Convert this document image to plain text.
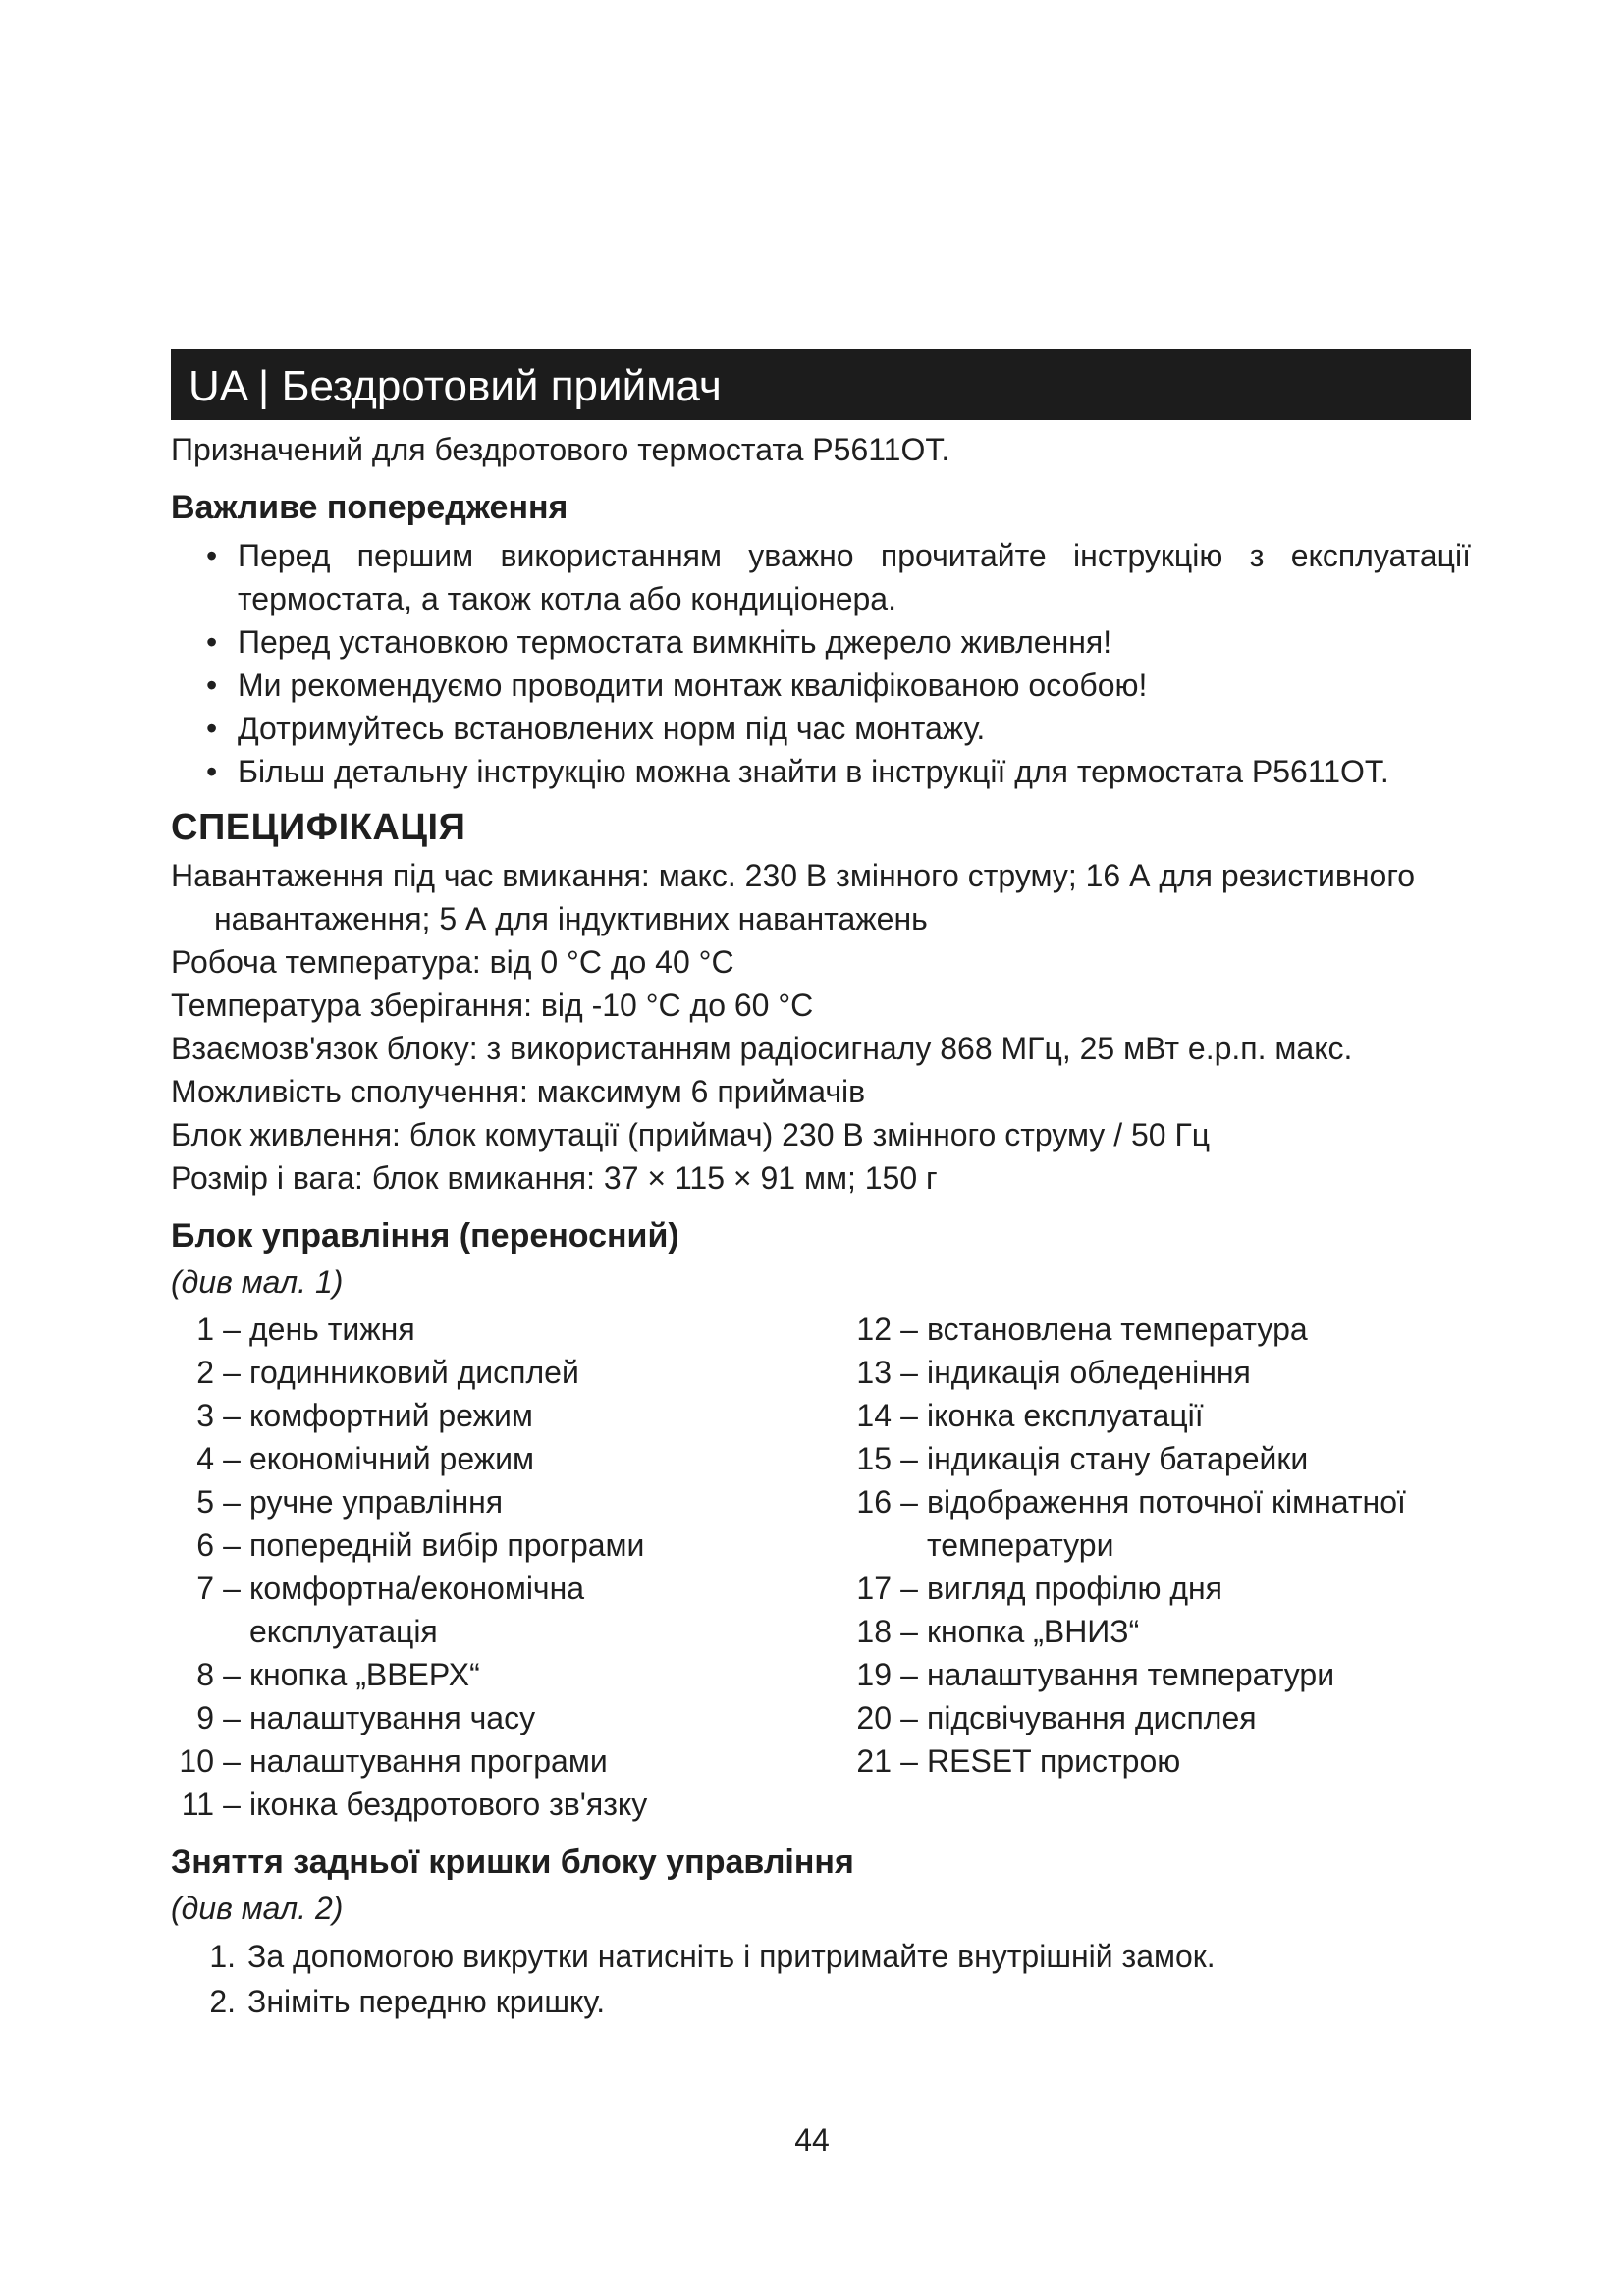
UA | Бездротовий приймач

Призначений для бездротового термостата P5611OT.

Важливе попередження
• Перед першим використанням уважно прочитайте інструкцію з експлуатації термостата, а також котла або кондиціонера.
• Перед установкою термостата вимкніть джерело живлення!
• Ми рекомендуємо проводити монтаж кваліфікованою особою!
• Дотримуйтесь встановлених норм під час монтажу.
• Більш детальну інструкцію можна знайти в інструкції для термостата P5611OT.
СПЕЦИФІКАЦІЯ

Навантаження під час вмикання: макс. 230 В змінного струму; 16 А для резистивного навантаження; 5 А для індуктивних навантажень

Робоча температура: від 0 °C до 40 °C

Температура зберігання: від -10 °C до 60 °C

Взаємозв'язок блоку: з використанням радіосигналу 868 МГц, 25 мВт е.р.п. макс.

Можливість сполучення: максимум 6 приймачів

Блок живлення: блок комутації (приймач) 230 В змінного струму / 50 Гц

Розмір і вага: блок вмикання: 37 × 115 × 91 мм; 150 г

Блок управління (переносний)

(див мал. 1)

1 – день тижня
2 – годинниковий дисплей
3 – комфортний режим
4 – економічний режим
5 – ручне управління
6 – попередній вибір програми
7 – комфортна/економічна експлуатація
8 – кнопка „ВВЕРХ“
9 – налаштування часу
10 – налаштування програми
11 – іконка бездротового зв'язку
12 – встановлена температура
13 – індикація обледеніння
14 – іконка експлуатації
15 – індикація стану батарейки
16 – відображення поточної кімнатної температури
17 – вигляд профілю дня
18 – кнопка „ВНИЗ“
19 – налаштування температури
20 – підсвічування дисплея
21 – RESET пристрою
Зняття задньої кришки блоку управління

(див мал. 2)

1. За допомогою викрутки натисніть і притримайте внутрішній замок.
2. Зніміть передню кришку.
44
